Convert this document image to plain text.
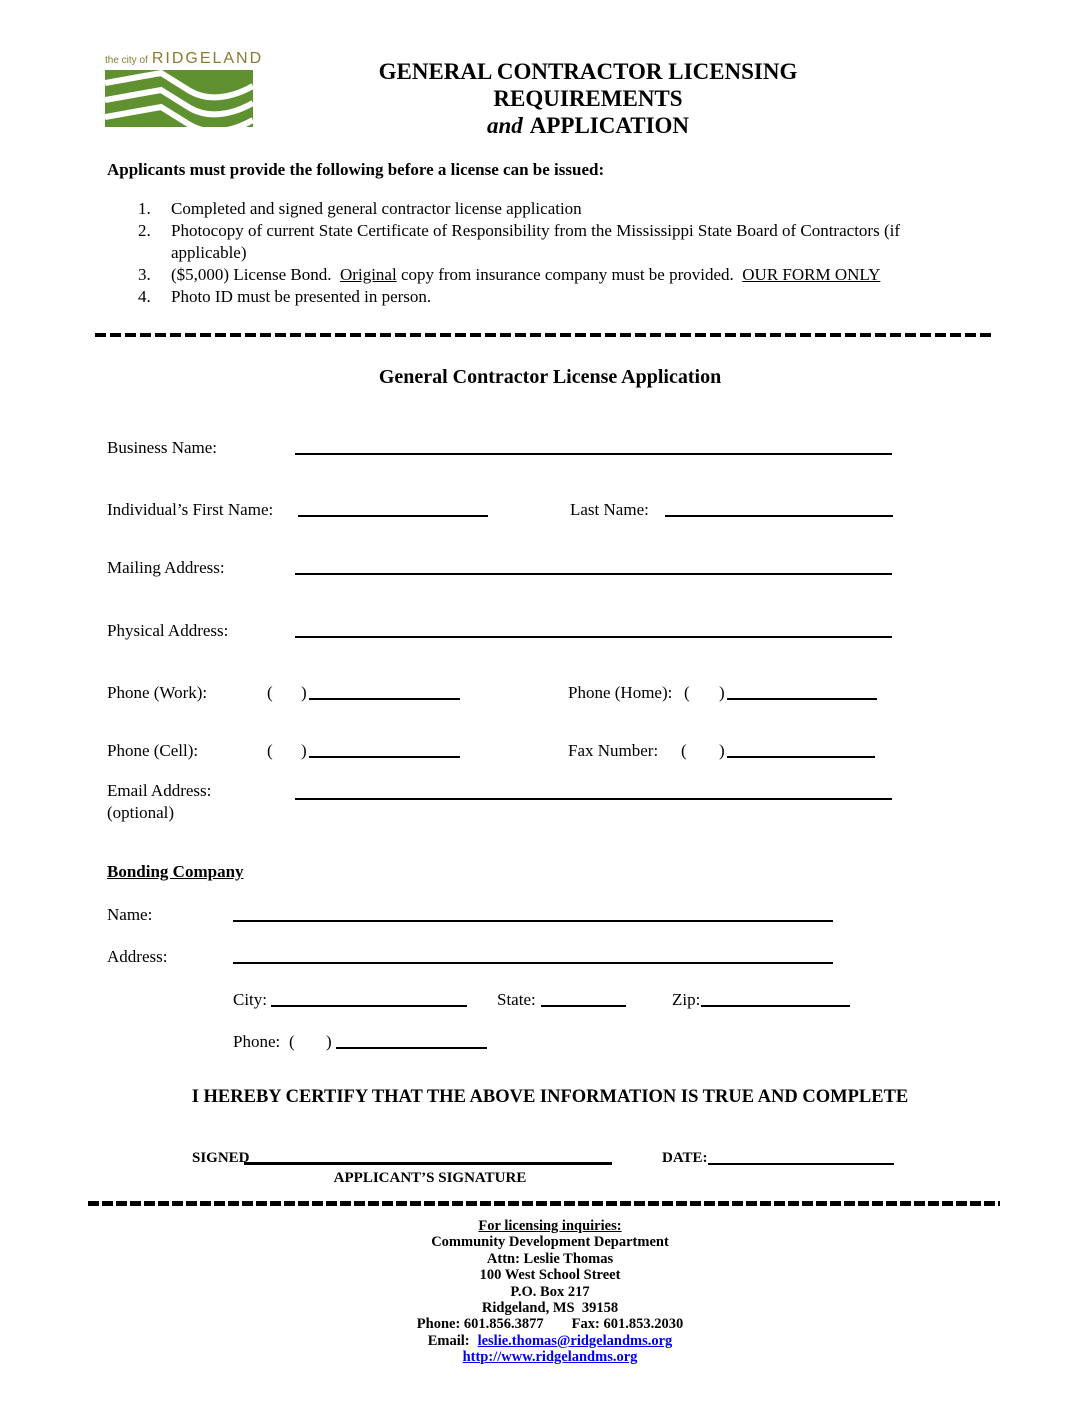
the city of RIDGELAND
GENERAL CONTRACTOR LICENSING REQUIREMENTS
and APPLICATION
Applicants must provide the following before a license can be issued:
1.	Completed and signed general contractor license application
2.	Photocopy of current State Certificate of Responsibility from the Mississippi State Board of Contractors (if applicable)
3.	($5,000) License Bond.  Original copy from insurance company must be provided.  OUR FORM ONLY
4.	Photo ID must be presented in person.
General Contractor License Application
Business Name:
Individual’s First Name:	Last Name:
Mailing Address:
Physical Address:
Phone (Work):	( )	Phone (Home): ( )
Phone (Cell):	( )	Fax Number: ( )
Email Address:
(optional)
Bonding Company
Name:
Address:
City:	State:	Zip:
Phone: ( )
I HEREBY CERTIFY THAT THE ABOVE INFORMATION IS TRUE AND COMPLETE
SIGNED
APPLICANT’S SIGNATURE
DATE:
For licensing inquiries:
Community Development Department
Attn: Leslie Thomas
100 West School Street
P.O. Box 217
Ridgeland, MS  39158
Phone: 601.856.3877 Fax: 601.853.2030
Email: leslie.thomas@ridgelandms.org
http://www.ridgelandms.org
